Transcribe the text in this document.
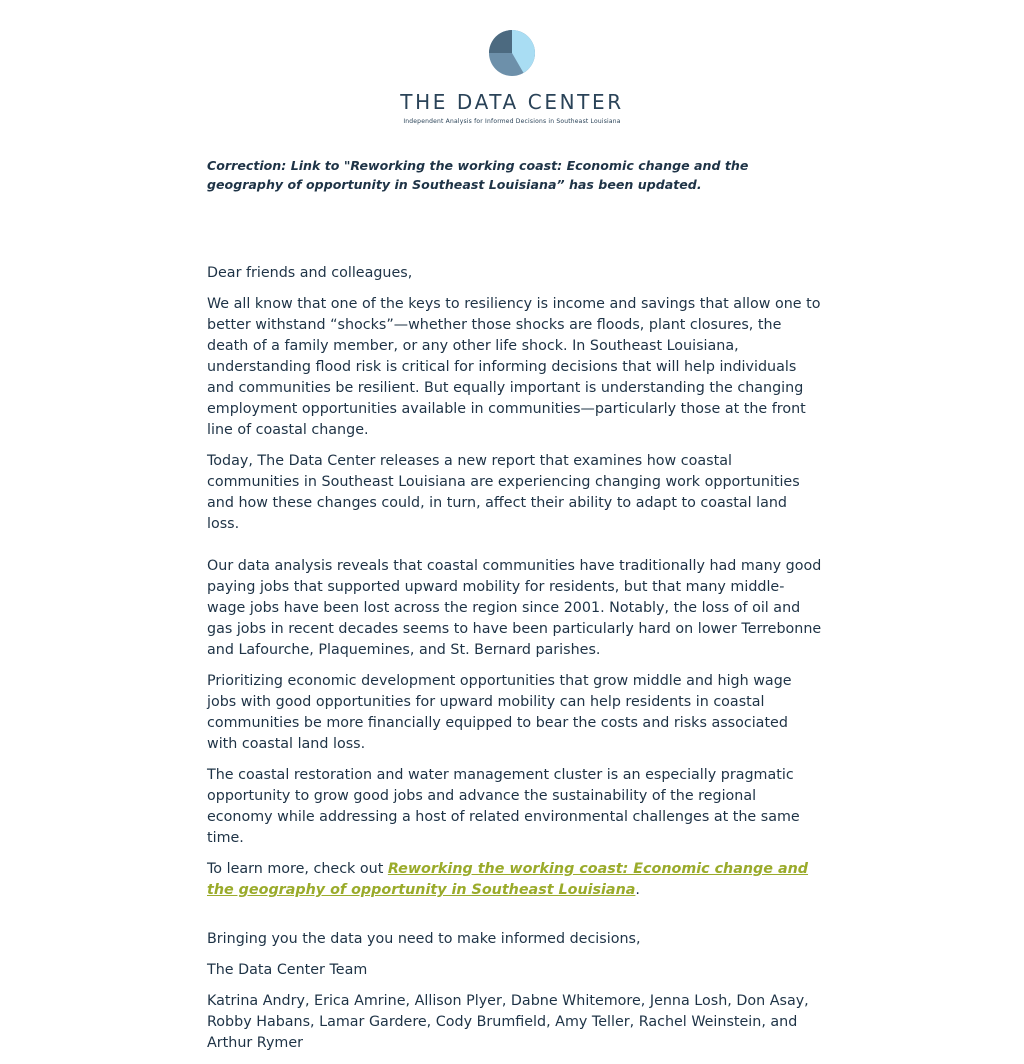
THE DATA CENTER
Independent Analysis for Informed Decisions in Southeast Louisiana

Correction: Link to "Reworking the working coast: Economic change and the geography of opportunity in Southeast Louisiana” has been updated.

Dear friends and colleagues,

We all know that one of the keys to resiliency is income and savings that allow one to better withstand “shocks”—whether those shocks are floods, plant closures, the death of a family member, or any other life shock. In Southeast Louisiana, understanding flood risk is critical for informing decisions that will help individuals and communities be resilient. But equally important is understanding the changing employment opportunities available in communities—particularly those at the front line of coastal change.

Today, The Data Center releases a new report that examines how coastal communities in Southeast Louisiana are experiencing changing work opportunities and how these changes could, in turn, affect their ability to adapt to coastal land loss.

Our data analysis reveals that coastal communities have traditionally had many good paying jobs that supported upward mobility for residents, but that many middle-wage jobs have been lost across the region since 2001. Notably, the loss of oil and gas jobs in recent decades seems to have been particularly hard on lower Terrebonne and Lafourche, Plaquemines, and St. Bernard parishes.

Prioritizing economic development opportunities that grow middle and high wage jobs with good opportunities for upward mobility can help residents in coastal communities be more financially equipped to bear the costs and risks associated with coastal land loss.

The coastal restoration and water management cluster is an especially pragmatic opportunity to grow good jobs and advance the sustainability of the regional economy while addressing a host of related environmental challenges at the same time.

To learn more, check out Reworking the working coast: Economic change and the geography of opportunity in Southeast Louisiana.

Bringing you the data you need to make informed decisions,

The Data Center Team

Katrina Andry, Erica Amrine, Allison Plyer, Dabne Whitemore, Jenna Losh, Don Asay, Robby Habans, Lamar Gardere, Cody Brumfield, Amy Teller, Rachel Weinstein, and Arthur Rymer
